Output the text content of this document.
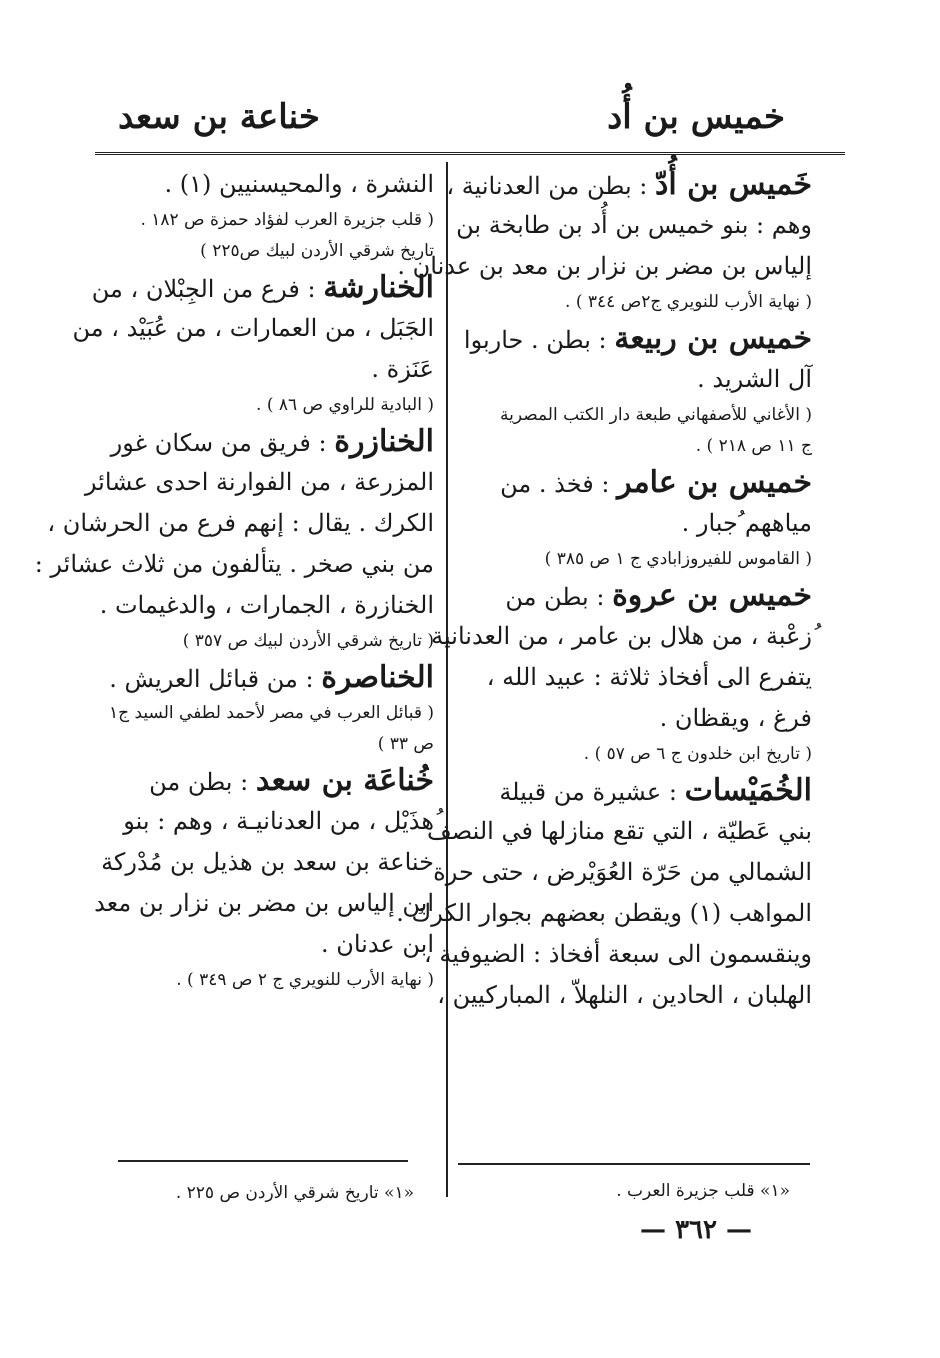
خميس بن أُد
خناعة بن سعد
خَميس بن أُدّ : بطن من العدنانية ،
وهم : بنو خميس بن أُد بن طابخة بن
إلياس بن مضر بن نزار بن معد بن عدنان .
( نهاية الأرب للنويري ج٢ص ٣٤٤ ) .
خميس بن ربيعة : بطن . حاربوا
آل الشريد .
( الأغاني للأصفهاني طبعة دار الكتب المصرية
ج ١١ ص ٢١٨ ) .
خميس بن عامر : فخذ . من
مياههم ُجبار .
( القاموس للفيروزابادي ج ١ ص ٣٨٥ )
خميس بن عروة : بطن من
ُزعْبة ، من هلال بن عامر ، من العدنانية
يتفرع الى أفخاذ ثلاثة : عبيد الله ،
فرغ ، ويقظان .
( تاريخ ابن خلدون ج ٦ ص ٥٧ ) .
الخُمَيْسات : عشيرة من قبيلة
بني عَطيّة ، التي تقع منازلها في النصف
الشمالي من حَرّة العُوَيْرض ، حتى حرة
المواهب (١) ويقطن بعضهم بجوار الكرك .
وينقسمون الى سبعة أفخاذ : الضيوفية ،
الهلبان ، الحادين ، النلهلاّ ، المباركيين ،
النشرة ، والمحيسنيين (١) .
( قلب جزيرة العرب لفؤاد حمزة ص ١٨٢ .
تاريخ شرقي الأردن لبيك ص٢٢٥ )
الخنارشة : فرع من الجِبْلان ، من
الجَبَل ، من العمارات ، من عُبَيْد ، من
عَنَزة .
( البادية للراوي ص ٨٦ ) .
الخنازرة : فريق من سكان غور
المزرعة ، من الفوارنة احدى عشائر
الكرك . يقال : إنهم فرع من الحرشان ،
من بني صخر . يتألفون من ثلاث عشائر :
الخنازرة ، الجمارات ، والدغيمات .
( تاريخ شرقي الأردن لبيك ص ٣٥٧ )
الخناصرة : من قبائل العريش .
( قبائل العرب في مصر لأحمد لطفي السيد ج١
ص ٣٣ )
خُناعَة بن سعد : بطن من
ُهذَيْل ، من العدنانيـة ، وهم : بنو
خناعة بن سعد بن هذيل بن مُدْركة
ابن إلياس بن مضر بن نزار بن معد
ابن عدنان .
( نهاية الأرب للنويري ج ٢ ص ٣٤٩ ) .
«١» قلب جزيرة العرب .
«١» تاريخ شرقي الأردن ص ٢٢٥ .
— ٣٦٢ —
